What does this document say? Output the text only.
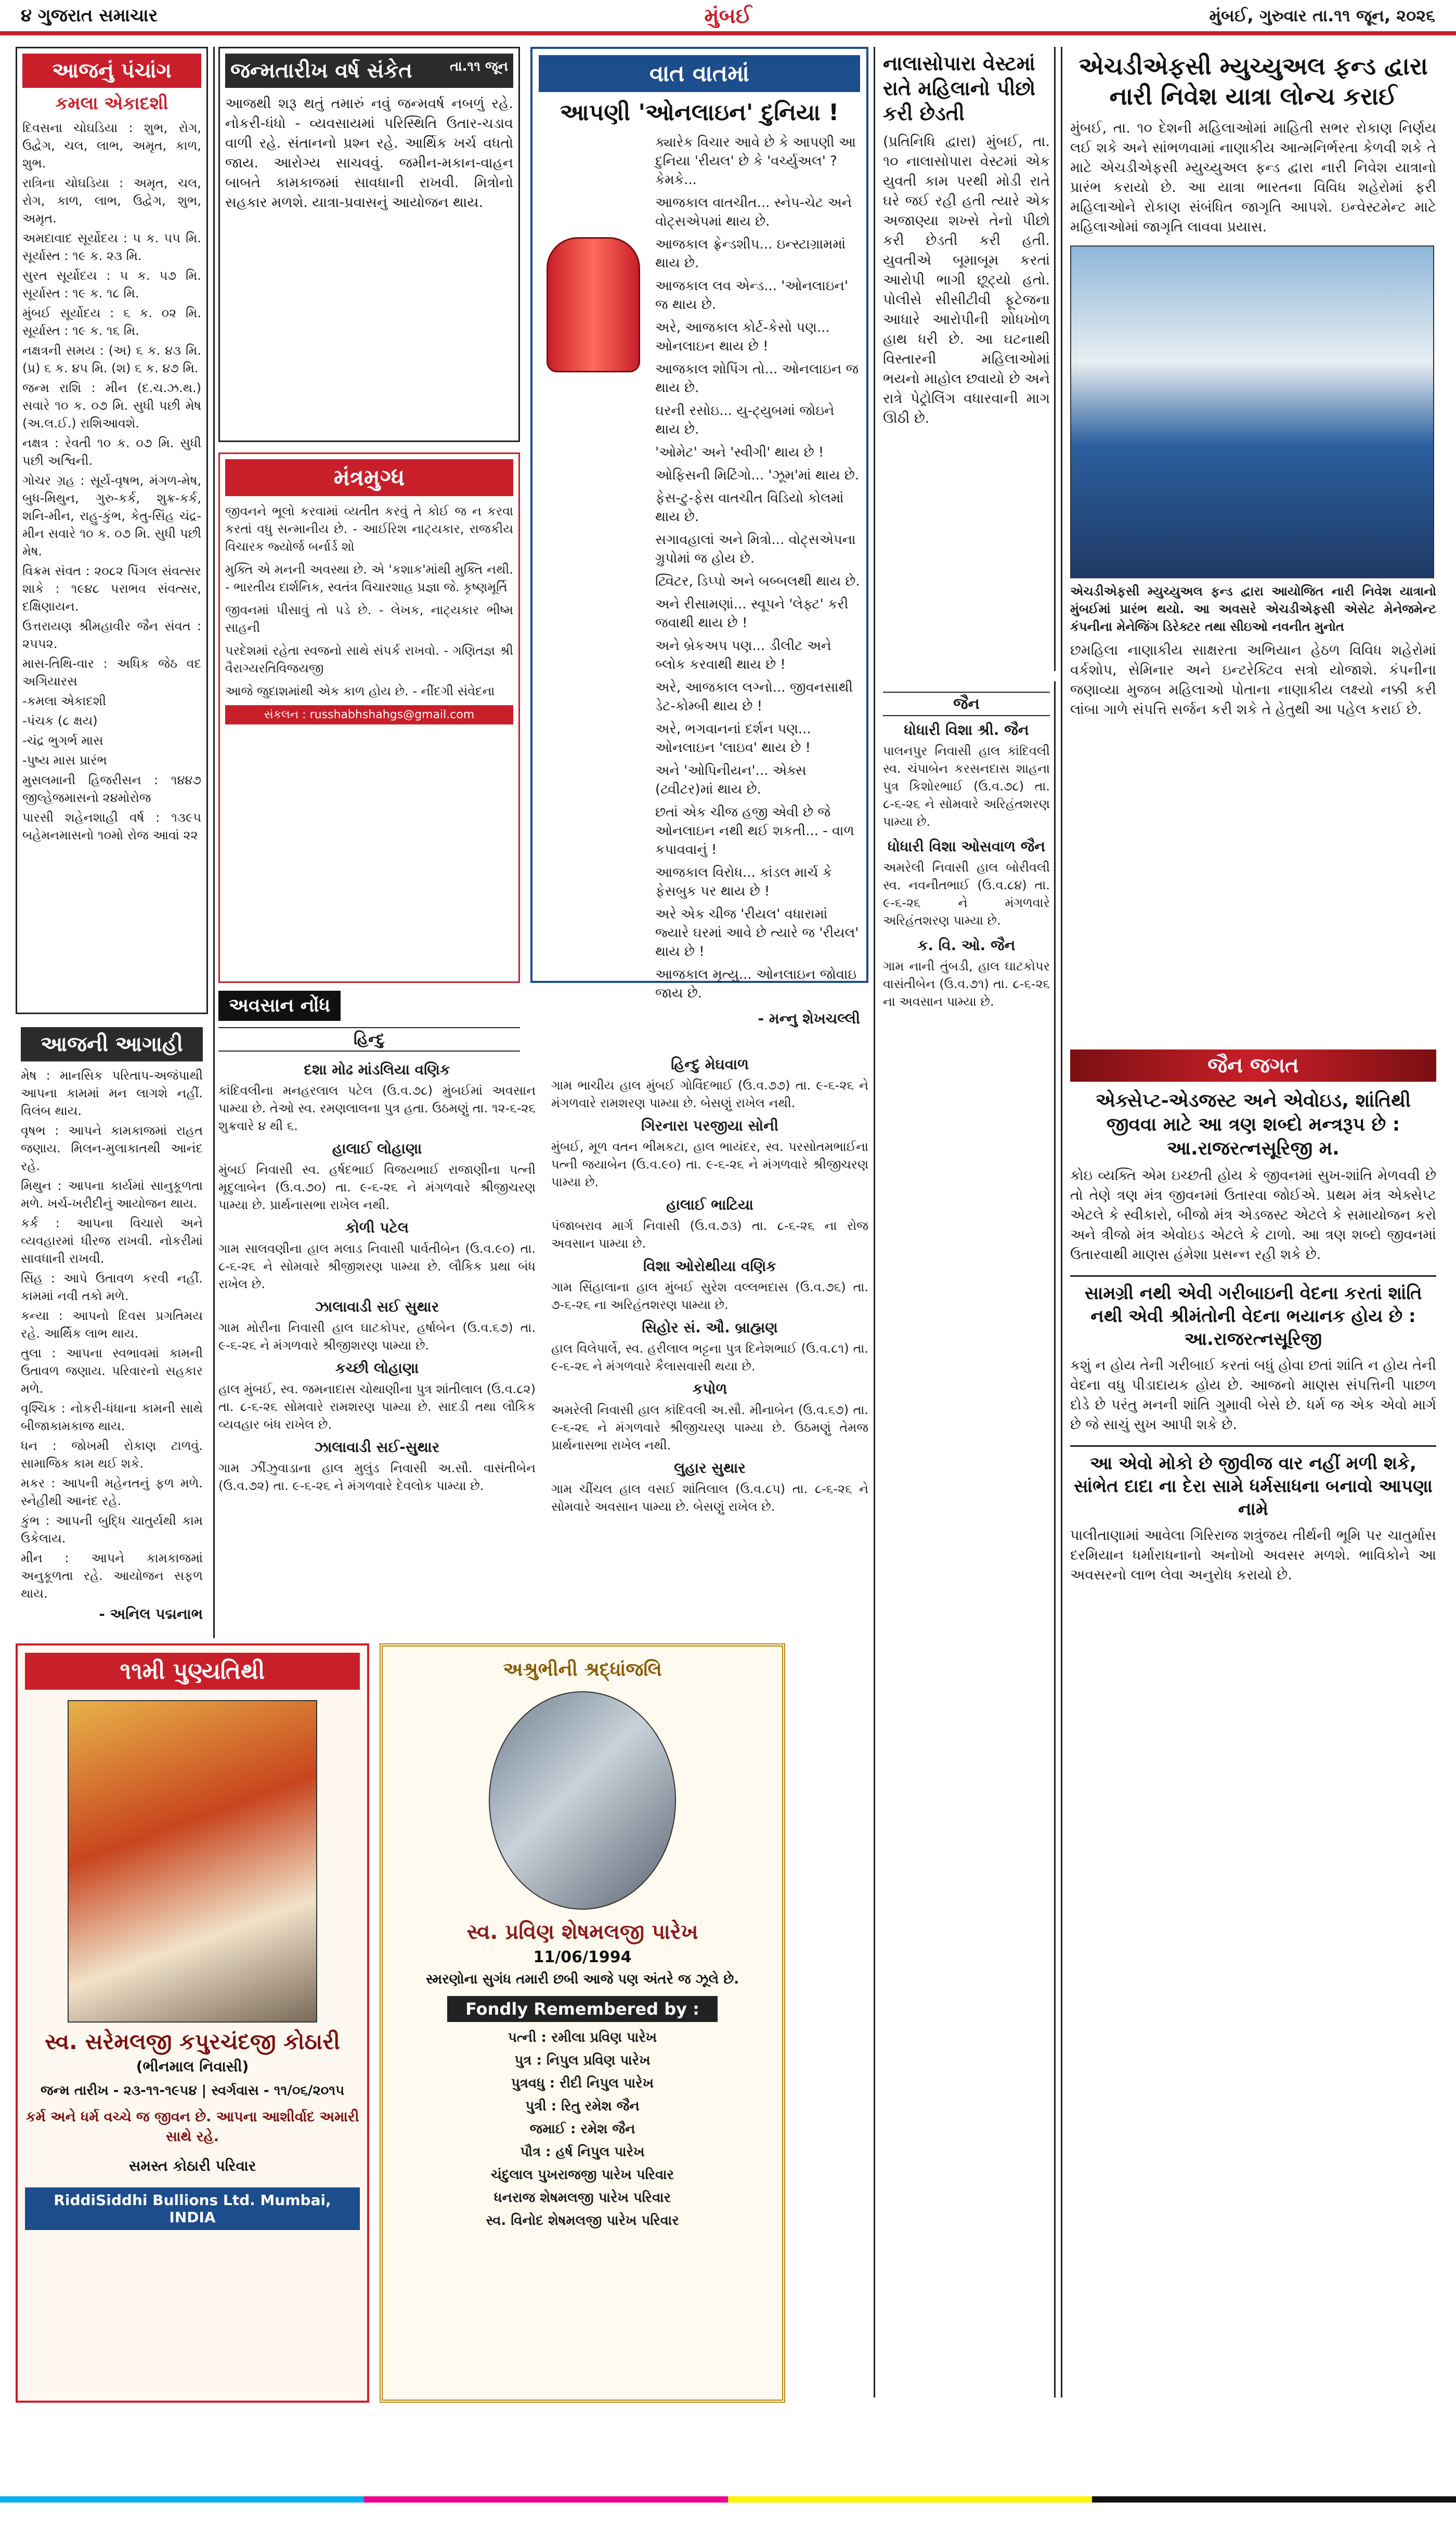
૪ ગુજરાત સમાચાર	મુંબઈ	મુંબઈ, ગુરુવાર તા.૧૧ જૂન, ૨૦૨૬
આજનું પંચાંગ
કમલા એકાદશી
દિવસના ચોઘડિયા : શુભ, રોગ, ઉદ્વેગ, ચલ, લાભ, અમૃત, કાળ, શુભ.
રાત્રિના ચોઘડિયા : અમૃત, ચલ, રોગ, કાળ, લાભ, ઉદ્વેગ, શુભ, અમૃત.
અમદાવાદ સૂર્યોદય : ૫ ક. ૫૫ મિ. સૂર્યાસ્ત : ૧૯ ક. ૨૩ મિ.
સુરત સૂર્યોદય : ૫ ક. ૫૭ મિ. સૂર્યાસ્ત : ૧૯ ક. ૧૮ મિ.
મુંબઈ સૂર્યોદય : ૬ ક. ૦૨ મિ. સૂર્યાસ્ત : ૧૯ ક. ૧૬ મિ.
નક્ષત્રની સમય : (અ) ૬ ક. ૪૩ મિ. (પ્ર) ૬ ક. ૪૫ મિ. (શ) ૬ ક. ૪૭ મિ.
જન્મ રાશિ : મીન (દ.ચ.ઝ.થ.) સવારે ૧૦ ક. ૦૭ મિ. સુધી પછી મેષ (અ.લ.ઈ.) રાશિઆવશે.
નક્ષત્ર : રેવતી ૧૦ ક. ૦૭ મિ. સુધી પછી અશ્વિની.
ગોચર ગ્રહ : સૂર્ય-વૃષભ, મંગળ-મેષ, બુધ-મિથુન, ગુરુ-કર્ક, શુક્ર-કર્ક, શનિ-મીન, રાહુ-કુંભ, કેતુ-સિંહ ચંદ્ર-મીન સવારે ૧૦ ક. ૦૭ મિ. સુધી પછી મેષ.
વિક્રમ સંવત : ૨૦૮૨ પિંગલ સંવત્સર શાકે : ૧૯૪૮ પરાભવ સંવત્સર, દક્ષિણાયન.
ઉત્તરાયણ શ્રીમહાવીર જૈન સંવત : ૨૫૫૨.
માસ-તિથિ-વાર : અધિક જેઠ વદ અગિયારસ
-કમલા એકાદશી
-પંચક (૮ ક્ષય)
-ચંદ્ર ભુગર્ભ માસ
-પુષ્ય માસ પ્રારંભ
મુસલમાની હિજરીસન : ૧૪૪૭ જીલ્હેજમાસનો ૨૪મોરોજ
પારસી શહેનશાહી વર્ષ : ૧૩૯૫ બહેમનમાસનો ૧૦મો રોજ આવાં ૨૨
આજની આગાહી
મેષ : માનસિક પરિતાપ-અજંપાથી આપના કામમાં મન લાગશે નહીં. વિલંબ થાય.
વૃષભ : આપને કામકાજમાં રાહત જણાય. મિલન-મુલાકાતથી આનંદ રહે.
મિથુન : આપના કાર્યમાં સાનુકૂળતા મળે. ખર્ચ-ખરીદીનું આયોજન થાય.
કર્ક : આપના વિચારો અને વ્યવહારમાં ધીરજ રાખવી. નોકરીમાં સાવધાની રાખવી.
સિંહ : આપે ઉતાવળ કરવી નહીં. કામમાં નવી તકો મળે.
કન્યા : આપનો દિવસ પ્રગતિમય રહે. આર્થિક લાભ થાય.
તુલા : આપના સ્વભાવમાં કામની ઉતાવળ જણાય. પરિવારનો સહકાર મળે.
વૃશ્ચિક : નોકરી-ધંધાના કામની સાથે બીજાકામકાજ થાય.
ધન : જોખમી રોકાણ ટાળવું. સામાજિક કામ થઈ શકે.
મકર : આપની મહેનતનું ફળ મળે. સ્નેહીથી આનંદ રહે.
કુંભ : આપની બુદ્ધિ ચાતુર્યથી કામ ઉકેલાય.
મીન : આપને કામકાજમાં અનુકૂળતા રહે. આયોજન સફળ થાય.
- અનિલ પદ્મનાભ
૧૧મી પુણ્યતિથી
સ્વ. સરેમલજી કપુરચંદજી કોઠારી
(ભીનમાલ નિવાસી)
જન્મ તારીખ - ૨૩-૧૧-૧૯૫૪ | સ્વર્ગવાસ - ૧૧/૦૬/૨૦૧૫
કર્મ અને ધર્મ વચ્ચે જ જીવન છે. આપના આશીર્વાદ અમારી સાથે રહે.
સમસ્ત કોઠારી પરિવાર
RiddiSiddhi Bullions Ltd. Mumbai, INDIA
જન્મતારીખ વર્ષ સંકેત	તા.૧૧ જૂન
આજથી શરૂ થતું તમારું નવું જન્મવર્ષ નબળું રહે. નોકરી-ધંધો - વ્યવસાયમાં પરિસ્થિતિ ઉતાર-ચડાવ વાળી રહે. સંતાનનો પ્રશ્ન રહે. આર્થિક ખર્ચ વધતો જાય. આરોગ્ય સાચવવું. જમીન-મકાન-વાહન બાબતે કામકાજમાં સાવધાની રાખવી. મિત્રોનો સહકાર મળશે. યાત્રા-પ્રવાસનું આયોજન થાય.
મંત્રમુગ્ધ
જીવનને ભૂલો કરવામાં વ્યતીત કરવું તે કોઈ જ ન કરવા કરતાં વધુ સન્માનીય છે. - આઈરિશ નાટ્યકાર, રાજકીય વિચારક જ્યોર્જ બર્નાર્ડ શો
મુક્તિ એ મનની અવસ્થા છે. એ 'કશાક'માંથી મુક્તિ નથી. - ભારતીય દાર્શનિક, સ્વતંત્ર વિચારશાહ પ્રજ્ઞા જે. કૃષ્ણમૂર્તિ
જીવનમાં પીસાવું તો પડે છે. - લેખક, નાટ્યકાર ભીષ્મ સાહની
પરદેશમાં રહેતા સ્વજનો સાથે સંપર્ક રાખવો. - ગણિતજ્ઞ શ્રી વૈરાગ્યરતિવિજયજી
આજે જુદાશમાંથી એક કાળ હોય છે. - નીંદગી સંવેદના
સંકલન : russhabhshahgs@gmail.com
અવસાન નોંધ
હિન્દુ
દશા મોઢ માંડલિયા વણિક
કાંદિવલીના મનહરલાલ પટેલ (ઉ.વ.૭૮) મુંબઈમાં અવસાન પામ્યા છે. તેઓ સ્વ. રમણલાલના પુત્ર હતા. ઉઠમણું તા. ૧૨-૬-૨૬ શુક્રવારે ૪ થી ૬.
હાલાઈ લોહાણા
મુંબઈ નિવાસી સ્વ. હર્ષદભાઈ વિજયભાઈ રાજાણીના પત્ની મૃદુલાબેન (ઉ.વ.૭૦) તા. ૯-૬-૨૬ ને મંગળવારે શ્રીજીચરણ પામ્યા છે. પ્રાર્થનાસભા રાખેલ નથી.
કોળી પટેલ
ગામ સાલવણીના હાલ મલાડ નિવાસી પાર્વતીબેન (ઉ.વ.૯૦) તા. ૮-૬-૨૬ ને સોમવારે શ્રીજીશરણ પામ્યા છે. લૌકિક પ્રથા બંધ રાખેલ છે.
ઝાલાવાડી સઈ સુથાર
ગામ મોરીના નિવાસી હાલ ઘાટકોપર, હર્ષાબેન (ઉ.વ.૬૭) તા. ૯-૬-૨૬ ને મંગળવારે શ્રીજીશરણ પામ્યા છે.
કચ્છી લોહાણા
હાલ મુંબઈ, સ્વ. જમનાદાસ ચોથાણીના પુત્ર શાંતીલાલ (ઉ.વ.૮૨) તા. ૮-૬-૨૬ સોમવારે રામશરણ પામ્યા છે. સાદડી તથા લૌકિક વ્યવહાર બંધ રાખેલ છે.
ઝાલાવાડી સઈ-સુથાર
ગામ ઝીંઝુવાડાના હાલ મુલુંડ નિવાસી અ.સૌ. વાસંતીબેન (ઉ.વ.૭૨) તા. ૯-૬-૨૬ ને મંગળવારે દેવલોક પામ્યા છે.
હિન્દુ મેઘવાળ
ગામ ભાચીય હાલ મુંબઈ ગોવિંદભાઈ (ઉ.વ.૭૭) તા. ૯-૬-૨૬ ને મંગળવારે રામશરણ પામ્યા છે. બેસણું રાખેલ નથી.
ગિરનારા પરજીયા સોની
મુંબઈ, મૂળ વતન ભીમકટા, હાલ ભાયંદર, સ્વ. પરસોતમભાઈના પત્ની જયાબેન (ઉ.વ.૯૦) તા. ૯-૬-૨૬ ને મંગળવારે શ્રીજીચરણ પામ્યા છે.
હાલાઈ ભાટિયા
પંજાબરાવ માર્ગ નિવાસી (ઉ.વ.૭૩) તા. ૮-૬-૨૬ ના રોજ અવસાન પામ્યા છે.
વિશા ઓરોથીયા વણિક
ગામ સિંહાલાના હાલ મુંબઈ સુરેશ વલ્લભદાસ (ઉ.વ.૭૬) તા. ૭-૬-૨૬ ના અરિહંતશરણ પામ્યા છે.
સિહોર સં. ઔ. બ્રાહ્મણ
હાલ વિલેપાર્લે, સ્વ. હરીલાલ ભટ્ટના પુત્ર દિનેશભાઈ (ઉ.વ.૮૧) તા. ૯-૬-૨૬ ને મંગળવારે કૈલાસવાસી થયા છે.
કપોળ
અમરેલી નિવાસી હાલ કાંદિવલી અ.સૌ. મીનાબેન (ઉ.વ.૬૭) તા. ૯-૬-૨૬ ને મંગળવારે શ્રીજીચરણ પામ્યા છે. ઉઠમણું તેમજ પ્રાર્થનાસભા રાખેલ નથી.
લુહાર સુથાર
ગામ ચીંચલ હાલ વસઈ શાંતિલાલ (ઉ.વ.૮૫) તા. ૮-૬-૨૬ ને સોમવારે અવસાન પામ્યા છે. બેસણું રાખેલ છે.
અશ્રુભીની શ્રદ્ધાંજલિ
સ્વ. પ્રવિણ શેષમલજી પારેખ
11/06/1994
સ્મરણોના સુગંધ તમારી છબી આજે પણ અંતરે જ ઝૂલે છે.
Fondly Remembered by :
પત્ની : રમીલા પ્રવિણ પારેખ
પુત્ર : નિપુલ પ્રવિણ પારેખ
પુત્રવધુ : રીદી નિપુલ પારેખ
પુત્રી : રિતુ રમેશ જૈન
જમાઈ : રમેશ જૈન
પૌત્ર : હર્ષ નિપુલ પારેખ
ચંદુલાલ પુખરાજજી પારેખ પરિવાર
ધનરાજ શેષમલજી પારેખ પરિવાર
સ્વ. વિનોદ શેષમલજી પારેખ પરિવાર
વાત વાતમાં
આપણી 'ઓનલાઇન' દુનિયા !
ક્યારેક વિચાર આવે છે કે આપણી આ દુનિયા 'રીયલ' છે કે 'વર્ચ્યુઅલ' ? કેમકે...
આજકાલ વાતચીત... સ્નેપ-ચેટ અને વોટ્સએપમાં થાય છે.
આજકાલ ફ્રેન્ડશીપ... ઇન્સ્ટાગ્રામમાં થાય છે.
આજકાલ લવ એન્ડ... 'ઓનલાઇન' જ થાય છે.
અરે, આજકાલ કોર્ટ-કેસો પણ... ઓનલાઇન થાય છે !
આજકાલ શોપિંગ તો... ઓનલાઇન જ થાય છે.
ઘરની રસોઇ... યુ-ટ્યુબમાં જોઇને થાય છે.
'ઓમેટ' અને 'સ્વીગી' થાય છે !
ઓફિસની મિટિંગો... 'ઝૂમ'માં થાય છે.
ફેસ-ટુ-ફેસ વાતચીત વિડિયો કોલમાં થાય છે.
સગાવહાલાં અને મિત્રો... વોટ્સએપના ગ્રુપોમાં જ હોય છે.
ટ્વિટર, ડિપ્પો અને બબ્બલથી થાય છે.
અને રીસામણાં... સ્વૂપને 'લેફ્ટ' કરી જવાથી થાય છે !
અને બ્રેકઅપ પણ... ડીલીટ અને બ્લોક કરવાથી થાય છે !
અરે, આજકાલ લગ્નો... જીવનસાથી ડેટ-કોમ્બી થાય છે !
અરે, ભગવાનનાં દર્શન પણ... ઓનલાઇન 'લાઇવ' થાય છે !
અને 'ઓપિનીયન'... એક્સ (ટ્વીટર)માં થાય છે.
છતાં એક ચીજ હજી એવી છે જે ઓનલાઇન નથી થઈ શકતી... - વાળ કપાવવાનું !
આજકાલ વિરોધ... કાંડલ માર્ચ કે ફેસબુક પર થાય છે !
અરે એક ચીજ 'રીયલ' વધારામાં જ્યારે ઘરમાં આવે છે ત્યારે જ 'રીયલ' થાય છે !
આજકાલ મૃત્યુ... ઓનલાઇન જોવાઇ જાય છે.
- મન્નુ શેખચલ્લી
નાલાસોપારા વેસ્ટમાં રાતે મહિલાનો પીછો કરી છેડતી
(પ્રતિનિધિ દ્વારા) મુંબઈ, તા. ૧૦ નાલાસોપારા વેસ્ટમાં એક યુવતી કામ પરથી મોડી રાતે ઘરે જઈ રહી હતી ત્યારે એક અજાણ્યા શખ્સે તેનો પીછો કરી છેડતી કરી હતી. યુવતીએ બૂમાબૂમ કરતાં આરોપી ભાગી છૂટ્યો હતો. પોલીસે સીસીટીવી ફૂટેજના આધારે આરોપીની શોધખોળ હાથ ધરી છે. આ ઘટનાથી વિસ્તારની મહિલાઓમાં ભયનો માહોલ છવાયો છે અને રાત્રે પેટ્રોલિંગ વધારવાની માગ ઊઠી છે.
એચડીએફસી મ્યુચ્યુઅલ ફન્ડ દ્વારા નારી નિવેશ યાત્રા લોન્ચ કરાઈ
મુંબઈ, તા. ૧૦ દેશની મહિલાઓમાં માહિતી સભર રોકાણ નિર્ણય લઈ શકે અને સાંભળવામાં નાણાકીય આત્મનિર્ભરતા કેળવી શકે તે માટે એચડીએફસી મ્યુચ્યુઅલ ફન્ડ દ્વારા નારી નિવેશ યાત્રાનો પ્રારંભ કરાયો છે. આ યાત્રા ભારતના વિવિધ શહેરોમાં ફરી મહિલાઓને રોકાણ સંબંધિત જાગૃતિ આપશે. ઇન્વેસ્ટમેન્ટ માટે મહિલાઓમાં જાગૃતિ લાવવા પ્રયાસ.
એચડીએફસી મ્યુચ્યુઅલ ફન્ડ દ્વારા આયોજિત નારી નિવેશ યાત્રાનો મુંબઈમાં પ્રારંભ થયો. આ અવસરે એચડીએફસી એસેટ મેનેજમેન્ટ કંપનીના મેનેજિંગ ડિરેક્ટર તથા સીઇઓ નવનીત મુનોત
છમહિલા નાણાકીય સાક્ષરતા અભિયાન હેઠળ વિવિધ શહેરોમાં વર્કશોપ, સેમિનાર અને ઇન્ટરેક્ટિવ સત્રો યોજાશે. કંપનીના જણાવ્યા મુજબ મહિલાઓ પોતાના નાણાકીય લક્ષ્યો નક્કી કરી લાંબા ગાળે સંપત્તિ સર્જન કરી શકે તે હેતુથી આ પહેલ કરાઈ છે.
જૈન જગત
એક્સેપ્ટ-એડજસ્ટ અને એવોઇડ, શાંતિથી જીવવા માટે આ ત્રણ શબ્દો મન્ત્રરૂપ છે : આ.રાજરત્નસૂરિજી મ.
કોઇ વ્યક્તિ એમ ઇચ્છતી હોય કે જીવનમાં સુખ-શાંતિ મેળવવી છે તો તેણે ત્રણ મંત્ર જીવનમાં ઉતારવા જોઈએ. પ્રથમ મંત્ર એક્સેપ્ટ એટલે કે સ્વીકારો, બીજો મંત્ર એડજસ્ટ એટલે કે સમાયોજન કરો અને ત્રીજો મંત્ર એવોઇડ એટલે કે ટાળો. આ ત્રણ શબ્દો જીવનમાં ઉતારવાથી માણસ હંમેશા પ્રસન્ન રહી શકે છે.
સામગ્રી નથી એવી ગરીબાઇની વેદના કરતાં શાંતિ નથી એવી શ્રીમંતોની વેદના ભયાનક હોય છે : આ.રાજરત્નસૂરિજી
કશું ન હોય તેની ગરીબાઈ કરતાં બધું હોવા છતાં શાંતિ ન હોય તેની વેદના વધુ પીડાદાયક હોય છે. આજનો માણસ સંપત્તિની પાછળ દોડે છે પરંતુ મનની શાંતિ ગુમાવી બેસે છે. ધર્મ જ એક એવો માર્ગ છે જે સાચું સુખ આપી શકે છે.
આ એવો મોકો છે જીવીજ વાર નહીં મળી શકે, સાંભેત દાદા ના દેરા સામે ધર્મસાધના બનાવો આપણા નામે
પાલીતાણામાં આવેલા ગિરિરાજ શત્રુંજય તીર્થની ભૂમિ પર ચાતુર્માસ દરમિયાન ધર્મારાધનાનો અનોખો અવસર મળશે. ભાવિકોને આ અવસરનો લાભ લેવા અનુરોધ કરાયો છે.
જૈન
ધોધારી વિશા શ્રી. જૈન
પાલનપુર નિવાસી હાલ કાંદિવલી સ્વ. ચંપાબેન કરસનદાસ શાહના પુત્ર કિશોરભાઈ (ઉ.વ.૭૮) તા. ૮-૬-૨૬ ને સોમવારે અરિહંતશરણ પામ્યા છે.
ધોધારી વિશા ઓસવાળ જૈન
અમરેલી નિવાસી હાલ બોરીવલી સ્વ. નવનીતભાઈ (ઉ.વ.૮૪) તા. ૯-૬-૨૬ ને મંગળવારે અરિહંતશરણ પામ્યા છે.
ક. વિ. ઓ. જૈન
ગામ નાની તુંબડી, હાલ ઘાટકોપર વાસંતીબેન (ઉ.વ.૭૧) તા. ૮-૬-૨૬ ના અવસાન પામ્યા છે.
